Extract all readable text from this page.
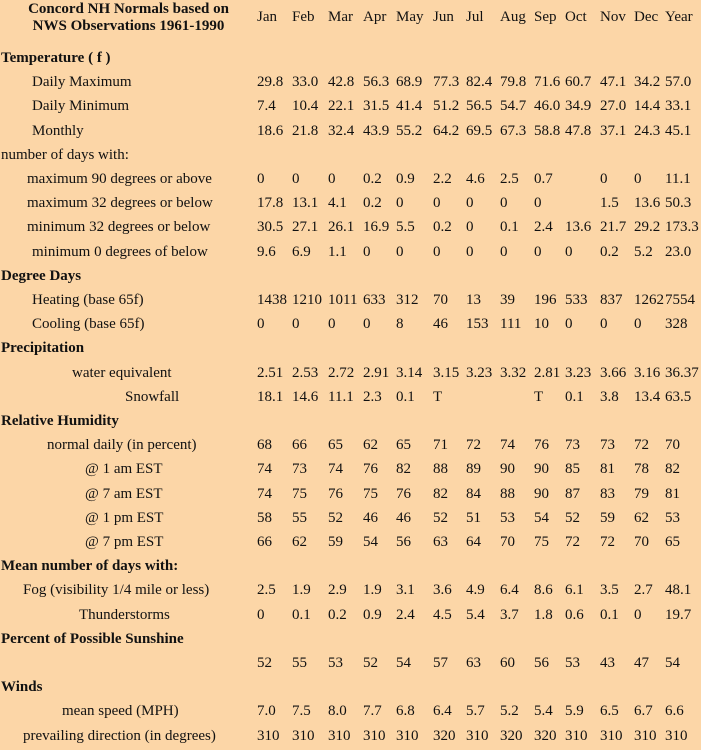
Concord NH Normals based on
NWS Observations 1961-1990	Jan	Feb	Mar	Apr	May	Jun	Jul	Aug	Sep	Oct	Nov	Dec	Year
Temperature ( f )													
Daily Maximum	29.8	33.0	42.8	56.3	68.9	77.3	82.4	79.8	71.6	60.7	47.1	34.2	57.0
Daily Minimum	7.4	10.4	22.1	31.5	41.4	51.2	56.5	54.7	46.0	34.9	27.0	14.4	33.1
Monthly	18.6	21.8	32.4	43.9	55.2	64.2	69.5	67.3	58.8	47.8	37.1	24.3	45.1
number of days with:													
maximum 90 degrees or above	0	0	0	0.2	0.9	2.2	4.6	2.5	0.7		0	0	11.1
maximum 32 degrees or below	17.8	13.1	4.1	0.2	0	0	0	0	0		1.5	13.6	50.3
minimum 32 degrees or below	30.5	27.1	26.1	16.9	5.5	0.2	0	0.1	2.4	13.6	21.7	29.2	173.3
minimum 0 degrees of below	9.6	6.9	1.1	0	0	0	0	0	0	0	0.2	5.2	23.0
Degree Days													
Heating (base 65f)	1438	1210	1011	633	312	70	13	39	196	533	837	1262	7554
Cooling (base 65f)	0	0	0	0	8	46	153	111	10	0	0	0	328
Precipitation													
water equivalent	2.51	2.53	2.72	2.91	3.14	3.15	3.23	3.32	2.81	3.23	3.66	3.16	36.37
Snowfall	18.1	14.6	11.1	2.3	0.1	T			T	0.1	3.8	13.4	63.5
Relative Humidity													
normal daily (in percent)	68	66	65	62	65	71	72	74	76	73	73	72	70
@ 1 am EST	74	73	74	76	82	88	89	90	90	85	81	78	82
@ 7 am EST	74	75	76	75	76	82	84	88	90	87	83	79	81
@ 1 pm EST	58	55	52	46	46	52	51	53	54	52	59	62	53
@ 7 pm EST	66	62	59	54	56	63	64	70	75	72	72	70	65
Mean number of days with:													
Fog (visibility 1/4 mile or less)	2.5	1.9	2.9	1.9	3.1	3.6	4.9	6.4	8.6	6.1	3.5	2.7	48.1
Thunderstorms	0	0.1	0.2	0.9	2.4	4.5	5.4	3.7	1.8	0.6	0.1	0	19.7
Percent of Possible Sunshine													
	52	55	53	52	54	57	63	60	56	53	43	47	54
Winds													
mean speed (MPH)	7.0	7.5	8.0	7.7	6.8	6.4	5.7	5.2	5.4	5.9	6.5	6.7	6.6
prevailing direction (in degrees)	310	310	310	310	310	320	310	320	320	310	310	310	310
